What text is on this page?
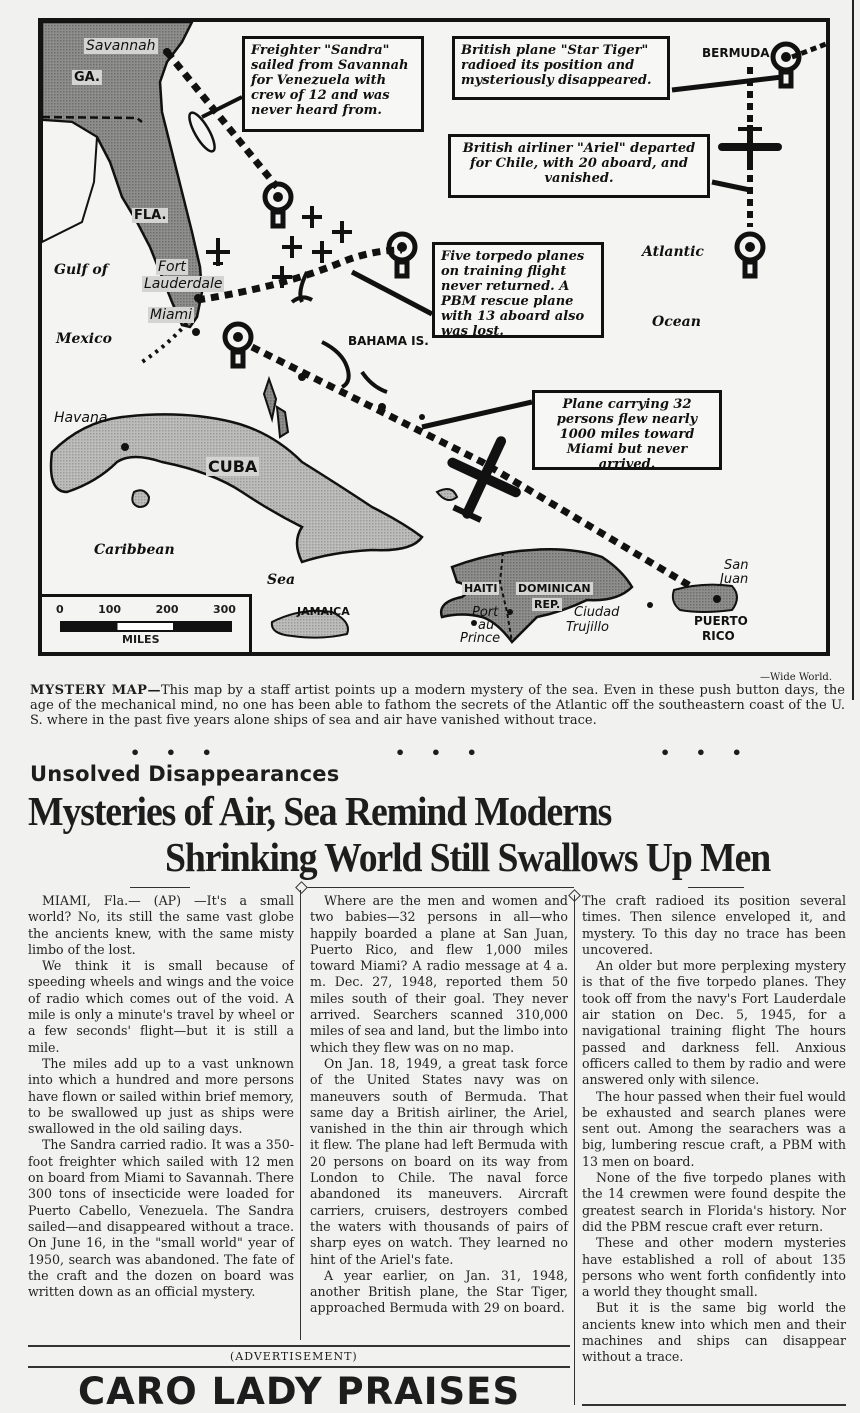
Savannah
GA.
FLA.
Gulf of
Mexico
Fort
Lauderdale
Miami
BAHAMA IS.
Havana
CUBA
Caribbean
Sea
JAMAICA
HAITI DOMINICAN
REP.
Port
au
Prince
Ciudad
Trujillo
San
Juan
PUERTO
RICO
BERMUDA
Atlantic
Ocean
Freighter "Sandra" sailed from Savannah for Venezuela with crew of 12 and was never heard from.
British plane "Star Tiger" radioed its position and mysteriously disappeared.
British airliner "Ariel" departed for Chile, with 20 aboard, and vanished.
Five torpedo planes on training flight never returned. A PBM rescue plane with 13 aboard also was lost.
Plane carrying 32 persons flew nearly 1000 miles toward Miami but never arrived.
0	100	200	300
MILES
—Wide World.
MYSTERY MAP—This map by a staff artist points up a modern mystery of the sea. Even in these push button days, the age of the mechanical mind, no one has been able to fathom the secrets of the Atlantic off the southeastern coast of the U. S. where in the past five years alone ships of sea and air have vanished without trace.
• • •	• • •	• • •
Unsolved Disappearances
Mysteries of Air, Sea Remind Moderns
Shrinking World Still Swallows Up Men

MIAMI, Fla.— (AP) —It's a small world? No, its still the same vast globe the ancients knew, with the same misty limbo of the lost.

We think it is small because of speeding wheels and wings and the voice of radio which comes out of the void. A mile is only a minute's travel by wheel or a few seconds' flight—but it is still a mile.

The miles add up to a vast unknown into which a hundred and more persons have flown or sailed within brief memory, to be swallowed up just as ships were swallowed in the old sailing days.

The Sandra carried radio. It was a 350-foot freighter which sailed with 12 men on board from Miami to Savannah. There 300 tons of insecticide were loaded for Puerto Cabello, Venezuela. The Sandra sailed—and disappeared without a trace. On June 16, in the "small world" year of 1950, search was abandoned. The fate of the craft and the dozen on board was written down as an official mystery.

Where are the men and women and two babies—32 persons in all—who happily boarded a plane at San Juan, Puerto Rico, and flew 1,000 miles toward Miami? A radio message at 4 a. m. Dec. 27, 1948, reported them 50 miles south of their goal. They never arrived. Searchers scanned 310,000 miles of sea and land, but the limbo into which they flew was on no map.

On Jan. 18, 1949, a great task force of the United States navy was on maneuvers south of Bermuda. That same day a British airliner, the Ariel, vanished in the thin air through which it flew. The plane had left Bermuda with 20 persons on board on its way from London to Chile. The naval force abandoned its maneuvers. Aircraft carriers, cruisers, destroyers combed the waters with thousands of pairs of sharp eyes on watch. They learned no hint of the Ariel's fate.

A year earlier, on Jan. 31, 1948, another British plane, the Star Tiger, approached Bermuda with 29 on board.

The craft radioed its position several times. Then silence enveloped it, and mystery. To this day no trace has been uncovered.

An older but more perplexing mystery is that of the five torpedo planes. They took off from the navy's Fort Lauderdale air station on Dec. 5, 1945, for a navigational training flight The hours passed and darkness fell. Anxious officers called to them by radio and were answered only with silence.

The hour passed when their fuel would be exhausted and search planes were sent out. Among the searachers was a big, lumbering rescue craft, a PBM with 13 men on board.

None of the five torpedo planes with the 14 crewmen were found despite the greatest search in Florida's history. Nor did the PBM rescue craft ever return.

These and other modern mysteries have established a roll of about 135 persons who went forth confidently into a world they thought small.

But it is the same big world the ancients knew into which men and their machines and ships can disappear without a trace.

(ADVERTISEMENT)
CARO LADY PRAISES
